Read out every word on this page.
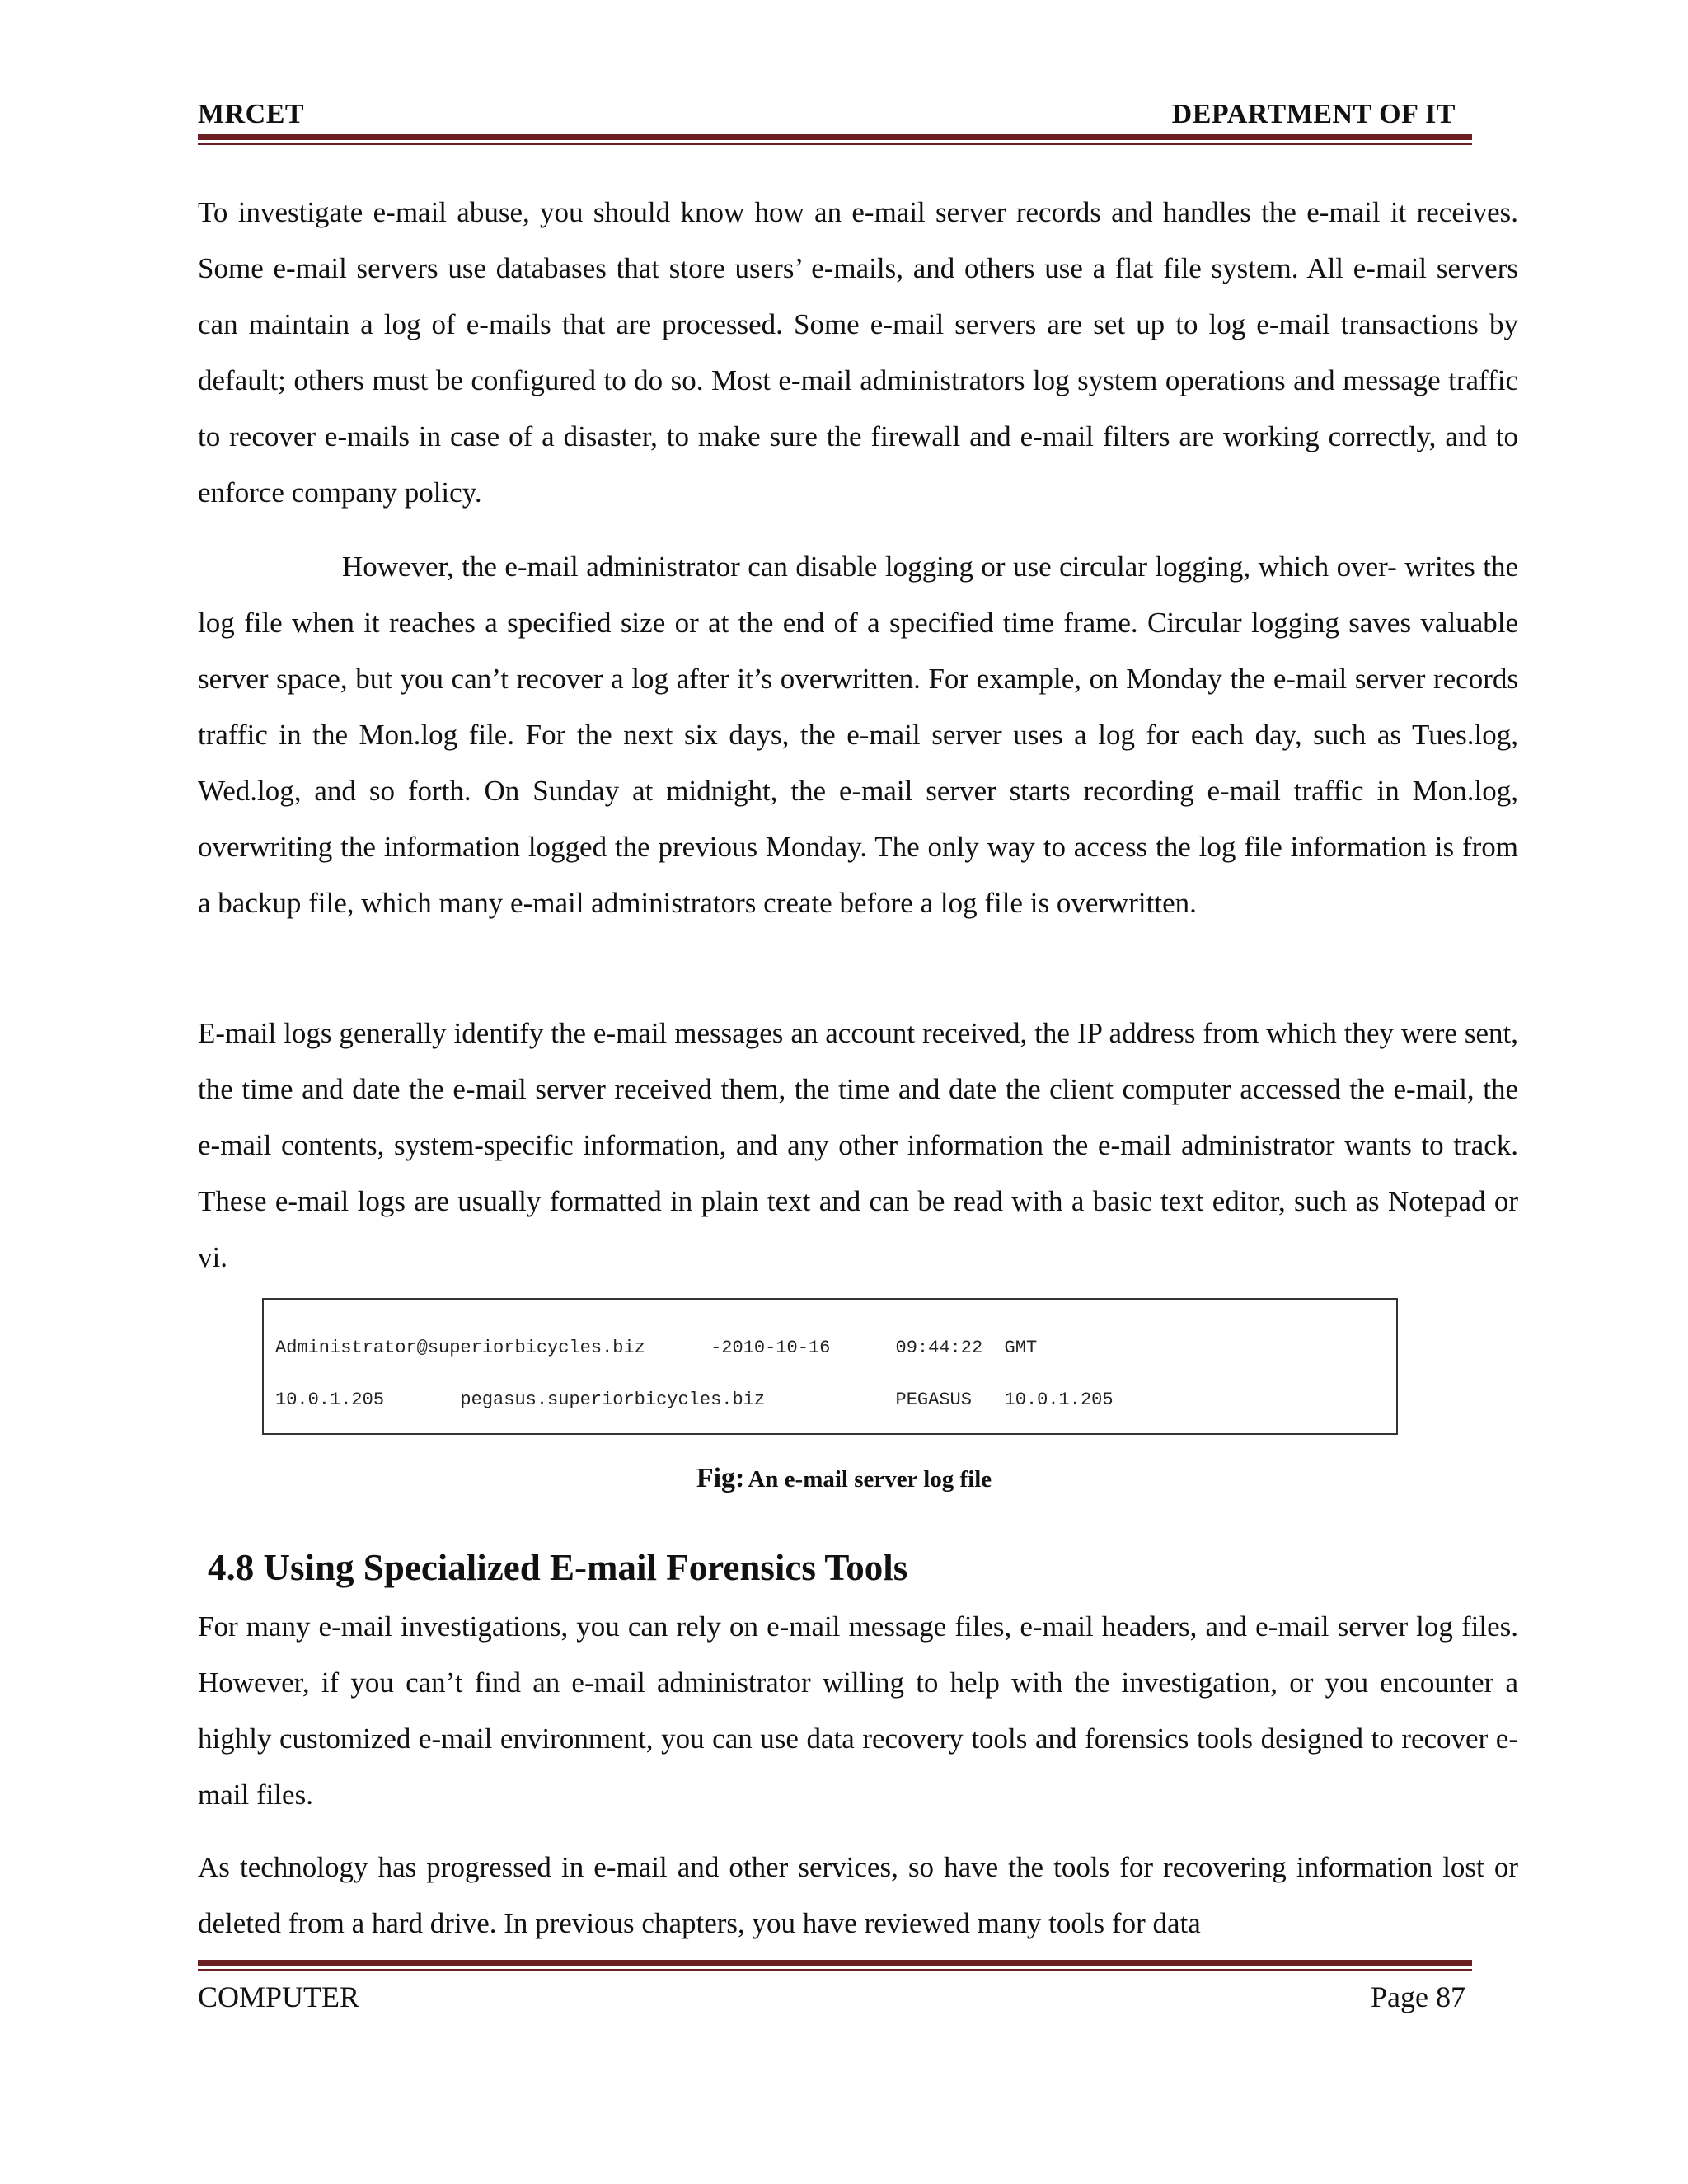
MRCET	DEPARTMENT OF IT

To investigate e-mail abuse, you should know how an e-mail server records and handles the e-mail it receives. Some e-mail servers use databases that store users’ e-mails, and others use a flat file system. All e-mail servers can maintain a log of e-mails that are processed. Some e-mail servers are set up to log e-mail transactions by default; others must be configured to do so. Most e-mail administrators log system operations and message traffic to recover e-mails in case of a disaster, to make sure the firewall and e-mail filters are working correctly, and to enforce company policy.

However, the e-mail administrator can disable logging or use circular logging, which over- writes the log file when it reaches a specified size or at the end of a specified time frame. Circular logging saves valuable server space, but you can’t recover a log after it’s overwritten. For example, on Monday the e-mail server records traffic in the Mon.log file. For the next six days, the e-mail server uses a log for each day, such as Tues.log, Wed.log, and so forth. On Sunday at midnight, the e-mail server starts recording e-mail traffic in Mon.log, overwriting the information logged the previous Monday. The only way to access the log file information is from a backup file, which many e-mail administrators create before a log file is overwritten.

E-mail logs generally identify the e-mail messages an account received, the IP address from which they were sent, the time and date the e-mail server received them, the time and date the client computer accessed the e-mail, the e-mail contents, system-specific information, and any other information the e-mail administrator wants to track. These e-mail logs are usually formatted in plain text and can be read with a basic text editor, such as Notepad or vi.

Administrator@superiorbicycles.biz      -2010-10-16      09:44:22  GMT

10.0.1.205       pegasus.superiorbicycles.biz            PEGASUS   10.0.1.205

Fig: An e-mail server log file
4.8 Using Specialized E-mail Forensics Tools

For many e-mail investigations, you can rely on e-mail message files, e-mail headers, and e-mail server log files. However, if you can’t find an e-mail administrator willing to help with the investigation, or you encounter a highly customized e-mail environment, you can use data recovery tools and forensics tools designed to recover e-mail files.

As technology has progressed in e-mail and other services, so have the tools for recovering information lost or deleted from a hard drive. In previous chapters, you have reviewed many tools for data

COMPUTER	Page 87
